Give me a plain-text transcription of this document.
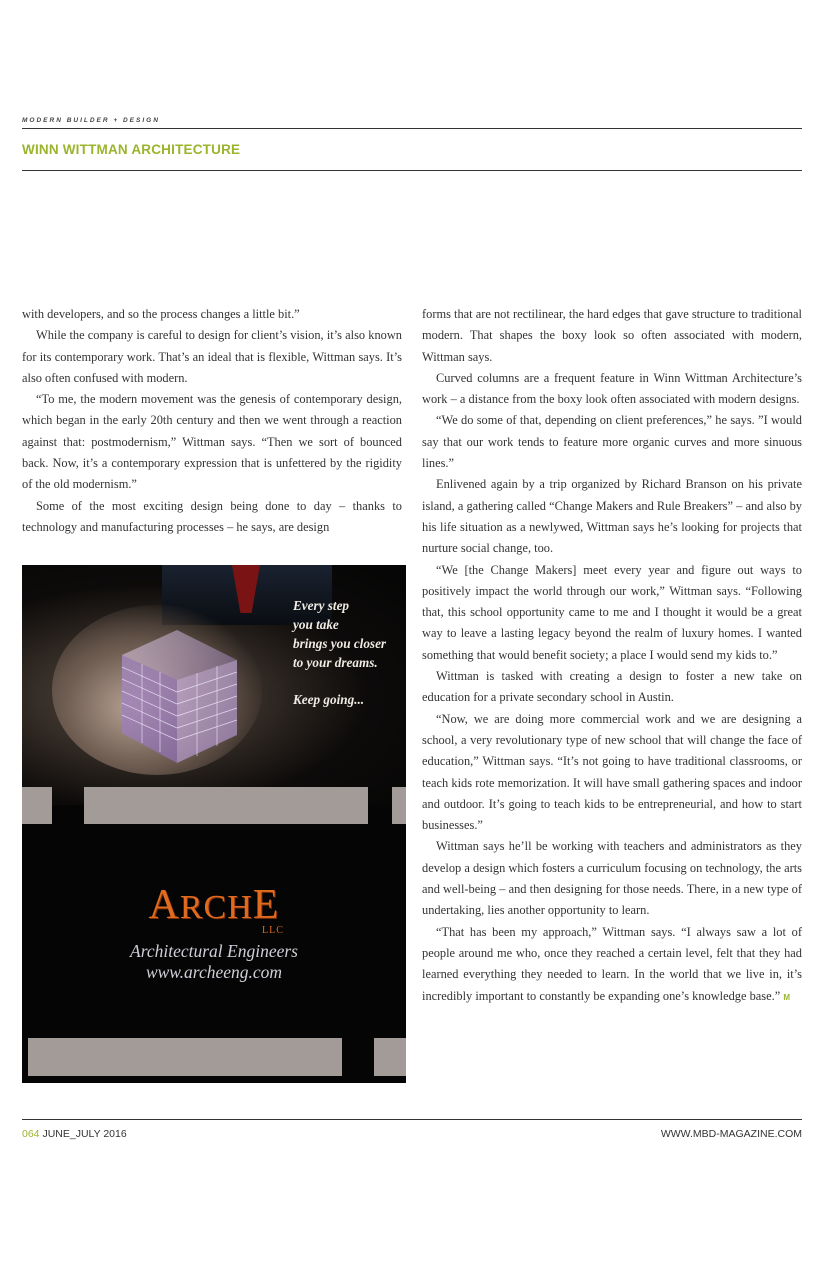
MODERN BUILDER + DESIGN
WINN WITTMAN ARCHITECTURE

with developers, and so the process changes a little bit.”

While the company is careful to design for client’s vision, it’s also known for its contemporary work. That’s an ideal that is flexible, Wittman says. It’s also often confused with modern.

“To me, the modern movement was the genesis of contemporary design, which began in the early 20th century and then we went through a reaction against that: postmodernism,” Wittman says. “Then we sort of bounced back. Now, it’s a contemporary expression that is unfettered by the rigidity of the old modernism.”

Some of the most exciting design being done to day – thanks to technology and manufacturing processes – he says, are design

forms that are not rectilinear, the hard edges that gave structure to traditional modern. That shapes the boxy look so often associated with modern, Wittman says.

Curved columns are a frequent feature in Winn Wittman Architecture’s work – a distance from the boxy look often associated with modern designs.

“We do some of that, depending on client preferences,” he says. ”I would say that our work tends to feature more organic curves and more sinuous lines.”

Enlivened again by a trip organized by Richard Branson on his private island, a gathering called “Change Makers and Rule Breakers” – and also by his life situation as a newlywed, Wittman says he’s looking for projects that nurture social change, too.

“We [the Change Makers] meet every year and figure out ways to positively impact the world through our work,” Wittman says. “Following that, this school opportunity came to me and I thought it would be a great way to leave a lasting legacy beyond the realm of luxury homes. I wanted something that would benefit society; a place I would send my kids to.”

Wittman is tasked with creating a design to foster a new take on education for a private secondary school in Austin.

“Now, we are doing more commercial work and we are designing a school, a very revolutionary type of new school that will change the face of education,” Wittman says. “It’s not going to have traditional classrooms, or teach kids rote memorization. It will have small gathering spaces and indoor and outdoor. It’s going to teach kids to be entrepreneurial, and how to start businesses.”

Wittman says he’ll be working with teachers and administrators as they develop a design which fosters a curriculum focusing on technology, the arts and well-being – and then designing for those needs. There, in a new type of undertaking, lies another opportunity to learn.

“That has been my approach,” Wittman says. “I always saw a lot of people around me who, once they reached a certain level, felt that they had learned everything they needed to learn. In the world that we live in, it’s incredibly important to constantly be expanding one’s knowledge base.” M

Every step
you take
brings you closer
to your dreams.
Keep going...
ARCHE
LLC
Architectural Engineers
www.archeeng.com
064 JUNE_JULY 2016	WWW.MBD-MAGAZINE.COM
